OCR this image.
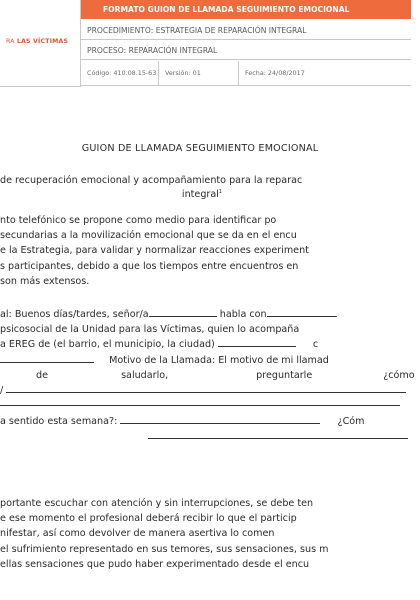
RA LAS VÍCTIMAS
FORMATO GUION DE LLAMADA SEGUIMIENTO EMOCIONAL
PROCEDIMIENTO: ESTRATEGIA DE REPARACIÓN INTEGRAL
PROCESO: REPARACIÓN INTEGRAL
Código: 410.08.15-63	Versión: 01	Fecha: 24/08/2017
GUION DE LLAMADA SEGUIMIENTO EMOCIONAL
de recuperación emocional y acompañamiento para la reparac
integral$^1$
nto telefónico se propone como medio para identificar po
secundarias a la movilización emocional que se da en el encu
e la Estrategia, para validar y normalizar reacciones experiment
s participantes, debido a que los tiempos entre encuentros en
son más extensos.
al: Buenos días/tardes, señor/a	habla con
psicosocial de la Unidad para las Víctimas, quien lo acompaña
a EREG de (el barrio, el municipio, la ciudad)	c
Motivo de la Llamada: El motivo de mi llamad
de	saludarlo,	preguntarle	¿cómo
/
a sentido esta semana?:	¿Cóm
portante escuchar con atención y sin interrupciones, se debe ten
e ese momento el profesional deberá recibir lo que el particip
nifestar, así como devolver de manera asertiva lo comen
el sufrimiento representado en sus temores, sus sensaciones, sus m
ellas sensaciones que pudo haber experimentado desde el encu
